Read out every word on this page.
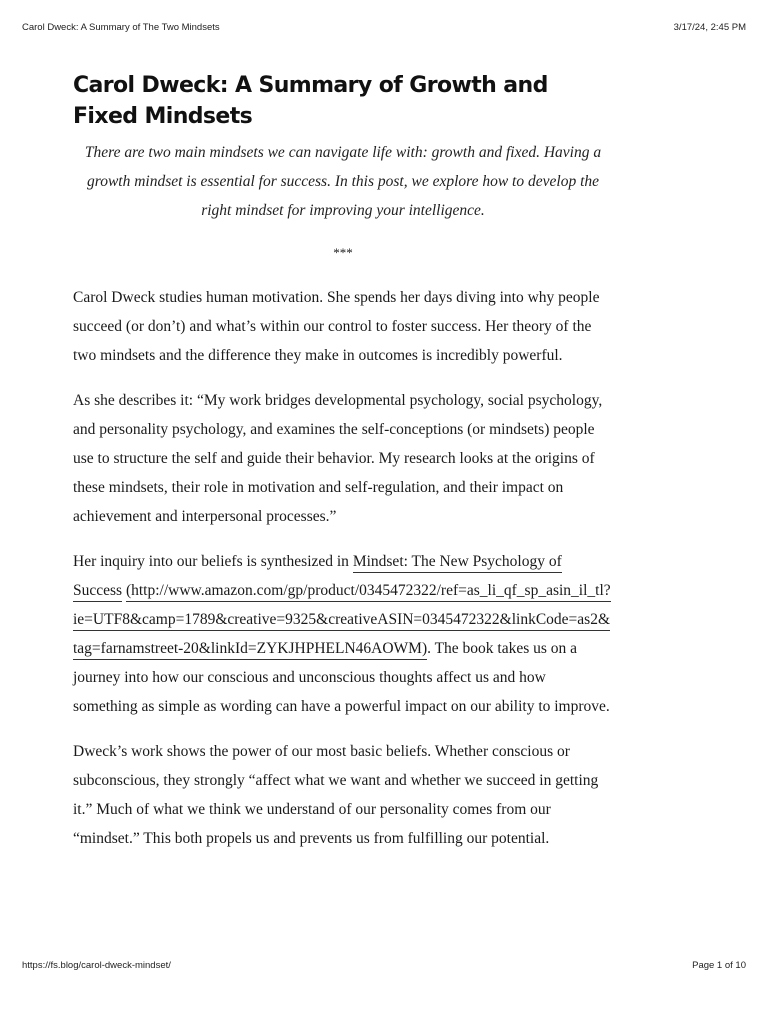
Carol Dweck: A Summary of The Two Mindsets	3/17/24, 2:45 PM
Carol Dweck: A Summary of Growth and Fixed Mindsets

There are two main mindsets we can navigate life with: growth and fixed. Having a growth mindset is essential for success. In this post, we explore how to develop the right mindset for improving your intelligence.

***

Carol Dweck studies human motivation. She spends her days diving into why people succeed (or don’t) and what’s within our control to foster success. Her theory of the two mindsets and the difference they make in outcomes is incredibly powerful.

As she describes it: “My work bridges developmental psychology, social psychology, and personality psychology, and examines the self-conceptions (or mindsets) people use to structure the self and guide their behavior. My research looks at the origins of these mindsets, their role in motivation and self-regulation, and their impact on achievement and interpersonal processes.”

Her inquiry into our beliefs is synthesized in Mindset: The New Psychology of Success (http://www.amazon.com/gp/product/0345472322/ref=as_li_qf_sp_asin_il_tl?ie=UTF8&camp=1789&creative=9325&creativeASIN=0345472322&linkCode=as2&tag=farnamstreet-20&linkId=ZYKJHPHELN46AOWM). The book takes us on a journey into how our conscious and unconscious thoughts affect us and how something as simple as wording can have a powerful impact on our ability to improve.

Dweck’s work shows the power of our most basic beliefs. Whether conscious or subconscious, they strongly “affect what we want and whether we succeed in getting it.” Much of what we think we understand of our personality comes from our “mindset.” This both propels us and prevents us from fulfilling our potential.

https://fs.blog/carol-dweck-mindset/	Page 1 of 10
